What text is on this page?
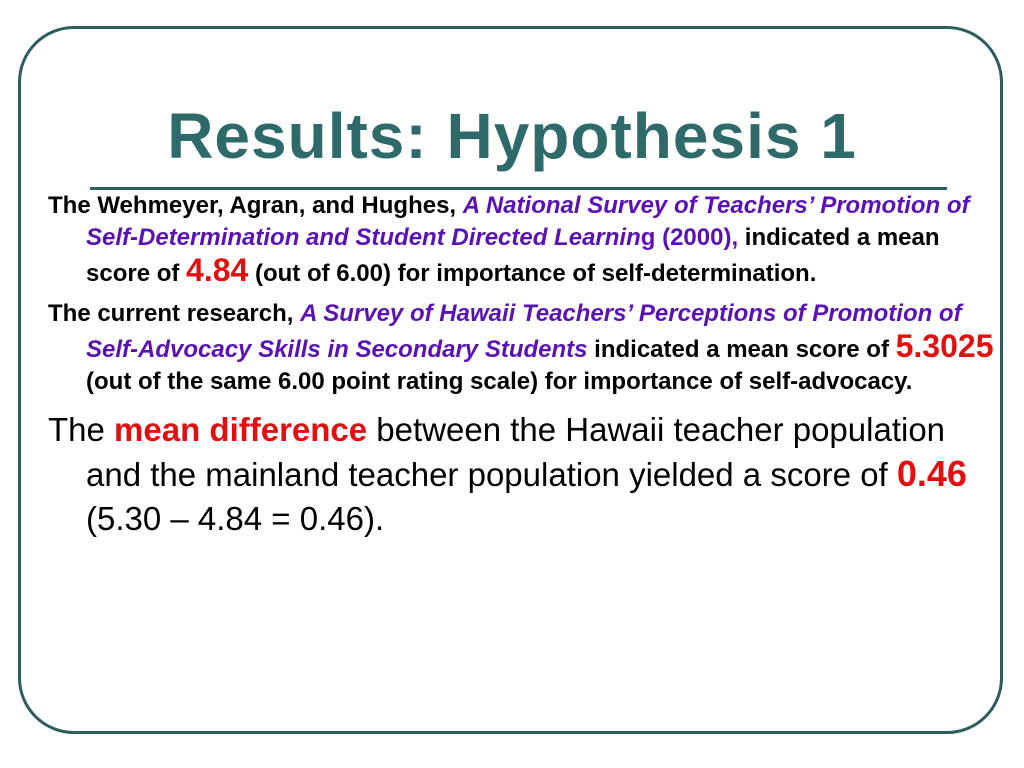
Results: Hypothesis 1

The Wehmeyer, Agran, and Hughes, A National Survey of Teachers’ Promotion of Self-Determination and Student Directed Learning (2000), indicated a mean score of 4.84 (out of 6.00) for importance of self-determination.

The current research, A Survey of Hawaii Teachers’ Perceptions of Promotion of Self-Advocacy Skills in Secondary Students indicated a mean score of 5.3025 (out of the same 6.00 point rating scale) for importance of self-advocacy.

The mean difference between the Hawaii teacher population and the mainland teacher population yielded a score of 0.46 (5.30 – 4.84 = 0.46).
